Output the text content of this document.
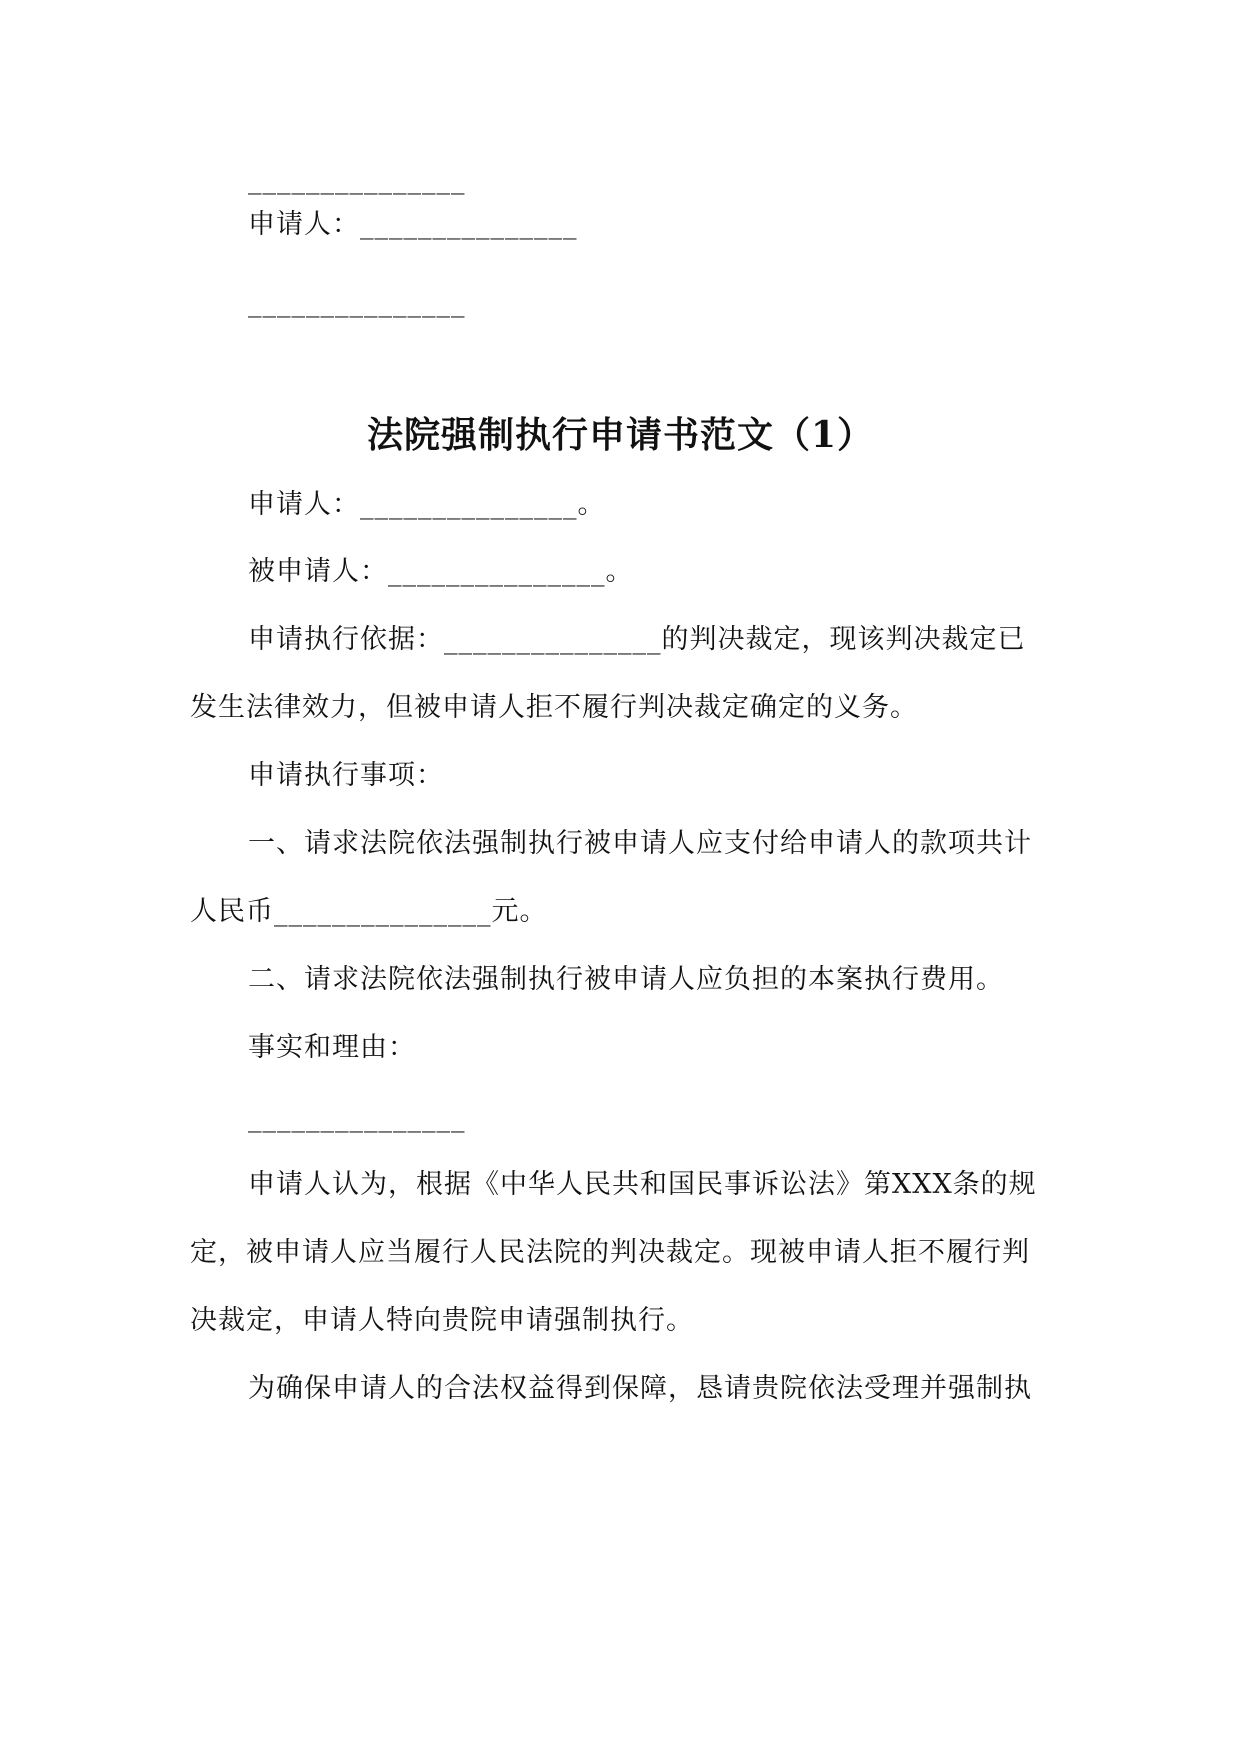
_______________
申请人：_______________
_______________
法院强制执行申请书范文（1）
申请人：_______________。
被申请人：_______________。
申请执行依据：_______________的判决裁定，现该判决裁定已
发生法律效力，但被申请人拒不履行判决裁定确定的义务。
申请执行事项：
一、请求法院依法强制执行被申请人应支付给申请人的款项共计
人民币_______________元。
二、请求法院依法强制执行被申请人应负担的本案执行费用。
事实和理由：
_______________
申请人认为，根据《中华人民共和国民事诉讼法》第XXX条的规
定，被申请人应当履行人民法院的判决裁定。现被申请人拒不履行判
决裁定，申请人特向贵院申请强制执行。
为确保申请人的合法权益得到保障，恳请贵院依法受理并强制执
